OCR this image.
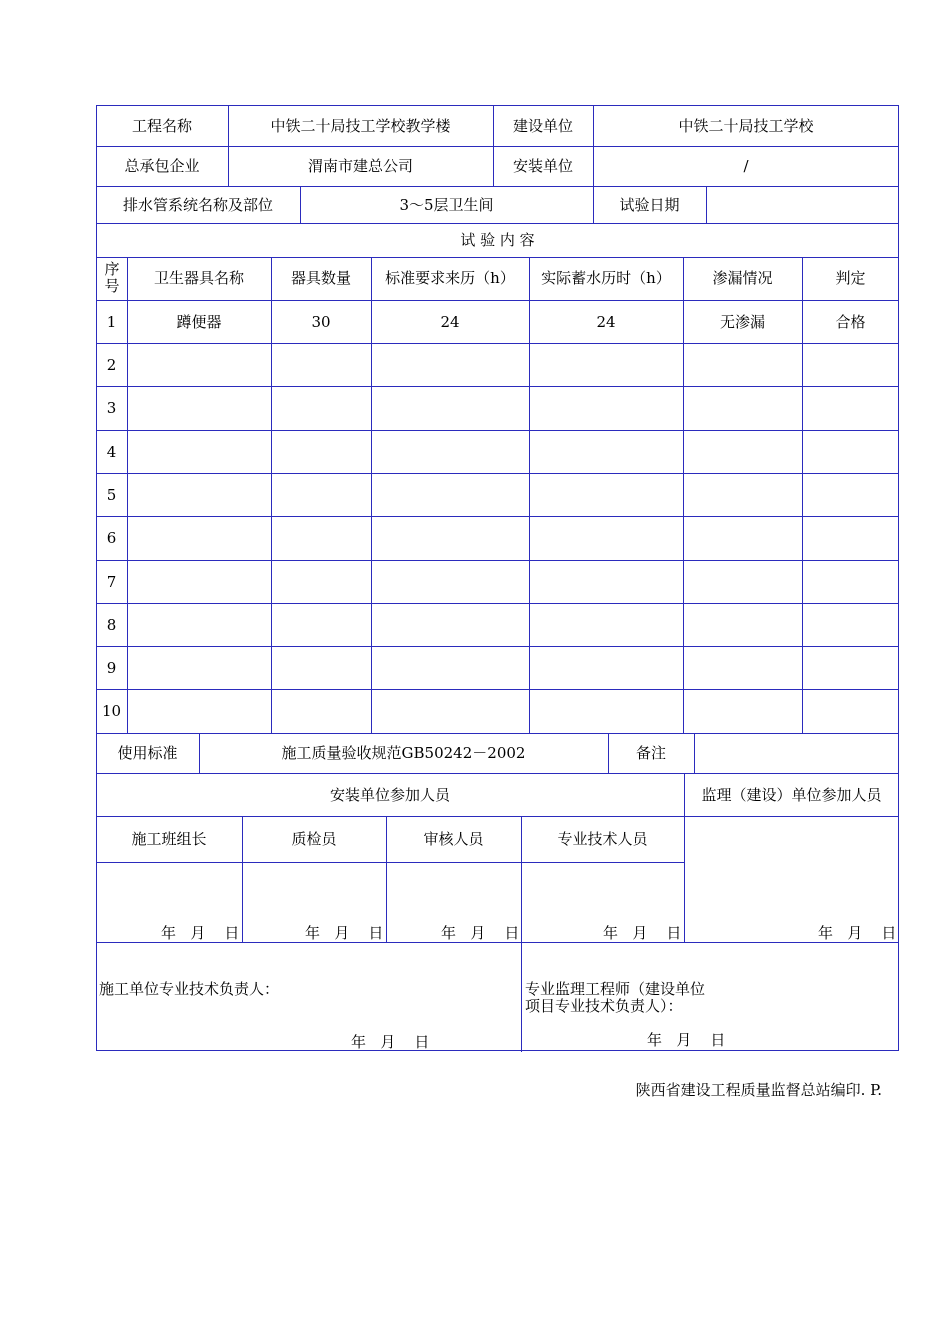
工程名称	中铁二十局技工学校教学楼	建设单位	中铁二十局技工学校
总承包企业	渭南市建总公司	安装单位	/
排水管系统名称及部位	3～5层卫生间	试验日期
试 验 内 容
序号	卫生器具名称	器具数量	标准要求来历（h）	实际蓄水历时（h）	渗漏情况	判定
1	蹲便器	30	24	24	无渗漏	合格
2
3
4
5
6
7
8
9
10
使用标准	施工质量验收规范GB50242－2002	备注
安装单位参加人员	监理（建设）单位参加人员
施工班组长	质检员	审核人员	专业技术人员
年 月 日	年 月 日	年 月 日	年 月 日	年 月 日
施工单位专业技术负责人：
年 月 日
专业监理工程师（建设单位
项目专业技术负责人）：
年 月 日
陕西省建设工程质量监督总站编印. P.
